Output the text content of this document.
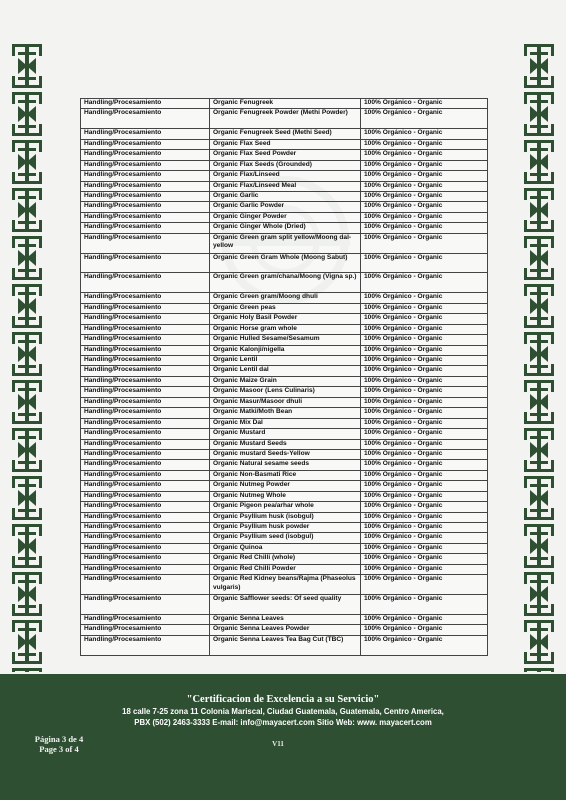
Handling/Procesamiento	Organic Fenugreek	100% Orgánico - Organic
Handling/Procesamiento	Organic Fenugreek Powder (Methi Powder)	100% Orgánico - Organic
Handling/Procesamiento	Organic Fenugreek Seed (Methi Seed)	100% Orgánico - Organic
Handling/Procesamiento	Organic Flax Seed	100% Orgánico - Organic
Handling/Procesamiento	Organic Flax Seed Powder	100% Orgánico - Organic
Handling/Procesamiento	Organic Flax Seeds (Grounded)	100% Orgánico - Organic
Handling/Procesamiento	Organic Flax/Linseed	100% Orgánico - Organic
Handling/Procesamiento	Organic Flax/Linseed Meal	100% Orgánico - Organic
Handling/Procesamiento	Organic Garlic	100% Orgánico - Organic
Handling/Procesamiento	Organic Garlic Powder	100% Orgánico - Organic
Handling/Procesamiento	Organic Ginger Powder	100% Orgánico - Organic
Handling/Procesamiento	Organic Ginger Whole (Dried)	100% Orgánico - Organic
Handling/Procesamiento	Organic Green gram split yellow/Moong dal-yellow	100% Orgánico - Organic
Handling/Procesamiento	Organic Green Gram Whole (Moong Sabut)	100% Orgánico - Organic
Handling/Procesamiento	Organic Green gram/chana/Moong (Vigna sp.)	100% Orgánico - Organic
Handling/Procesamiento	Organic Green gram/Moong dhuli	100% Orgánico - Organic
Handling/Procesamiento	Organic Green peas	100% Orgánico - Organic
Handling/Procesamiento	Organic Holy Basil Powder	100% Orgánico - Organic
Handling/Procesamiento	Organic Horse gram whole	100% Orgánico - Organic
Handling/Procesamiento	Organic Hulled Sesame/Sesamum	100% Orgánico - Organic
Handling/Procesamiento	Organic Kalonji/nigella	100% Orgánico - Organic
Handling/Procesamiento	Organic Lentil	100% Orgánico - Organic
Handling/Procesamiento	Organic Lentil dal	100% Orgánico - Organic
Handling/Procesamiento	Organic Maize Grain	100% Orgánico - Organic
Handling/Procesamiento	Organic Masoor (Lens Culinaris)	100% Orgánico - Organic
Handling/Procesamiento	Organic Masur/Masoor dhuli	100% Orgánico - Organic
Handling/Procesamiento	Organic Matki/Moth Bean	100% Orgánico - Organic
Handling/Procesamiento	Organic Mix Dal	100% Orgánico - Organic
Handling/Procesamiento	Organic Mustard	100% Orgánico - Organic
Handling/Procesamiento	Organic Mustard Seeds	100% Orgánico - Organic
Handling/Procesamiento	Organic mustard Seeds-Yellow	100% Orgánico - Organic
Handling/Procesamiento	Organic Natural sesame seeds	100% Orgánico - Organic
Handling/Procesamiento	Organic Non-Basmati Rice	100% Orgánico - Organic
Handling/Procesamiento	Organic Nutmeg Powder	100% Orgánico - Organic
Handling/Procesamiento	Organic Nutmeg Whole	100% Orgánico - Organic
Handling/Procesamiento	Organic Pigeon pea/arhar whole	100% Orgánico - Organic
Handling/Procesamiento	Organic Psyllium husk (isobgul)	100% Orgánico - Organic
Handling/Procesamiento	Organic Psyllium husk powder	100% Orgánico - Organic
Handling/Procesamiento	Organic Psyllium seed (isobgul)	100% Orgánico - Organic
Handling/Procesamiento	Organic Quinoa	100% Orgánico - Organic
Handling/Procesamiento	Organic Red Chilli (whole)	100% Orgánico - Organic
Handling/Procesamiento	Organic Red Chilli Powder	100% Orgánico - Organic
Handling/Procesamiento	Organic Red Kidney beans/Rajma (Phaseolus vulgaris)	100% Orgánico - Organic
Handling/Procesamiento	Organic Safflower seeds: Of seed quality	100% Orgánico - Organic
Handling/Procesamiento	Organic Senna Leaves	100% Orgánico - Organic
Handling/Procesamiento	Organic Senna Leaves Powder	100% Orgánico - Organic
Handling/Procesamiento	Organic Senna Leaves Tea Bag Cut (TBC)	100% Orgánico - Organic
"Certificacion de Excelencia a su Servicio"
18 calle 7-25 zona 11 Colonia Mariscal, Ciudad Guatemala, Guatemala, Centro America,
PBX (502) 2463-3333 E-mail: info@mayacert.com Sitio Web: www. mayacert.com
Página 3 de 4
Page 3 of 4	V11
